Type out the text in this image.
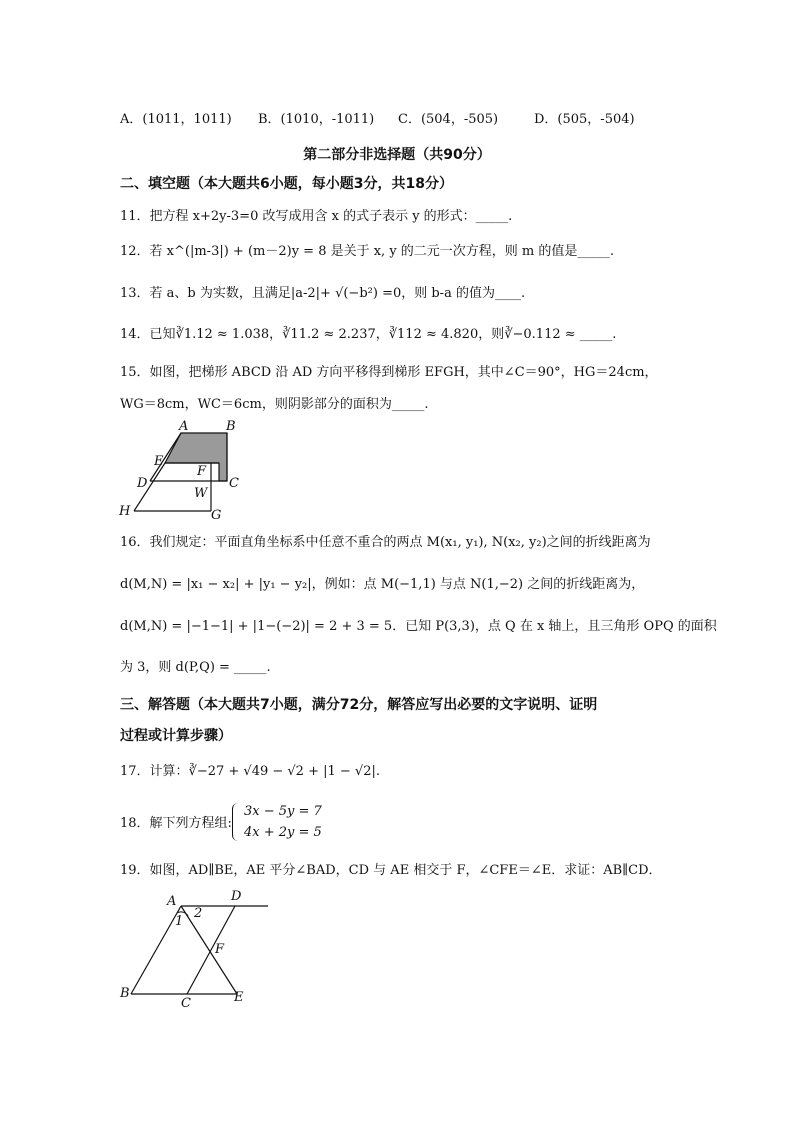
A．(1011，1011) B．(1010，-1011) C．(504，-505)	D．(505，-504)
第二部分非选择题（共90分）
二、填空题（本大题共6小题，每小题3分，共18分）
11．把方程 x+2y-3=0 改写成用含 x 的式子表示 y 的形式：_____.
12．若 x^(|m-3|) + (m－2)y = 8 是关于 x, y 的二元一次方程，则 m 的值是_____.
13．若 a、b 为实数，且满足|a-2|+ √(−b²) =0，则 b-a 的值为____.
14．已知∛1.12 ≈ 1.038，∛11.2 ≈ 2.237，∛112 ≈ 4.820，则∛−0.112 ≈ _____.
15．如图，把梯形 ABCD 沿 AD 方向平移得到梯形 EFGH，其中∠C＝90°，HG＝24cm，
WG＝8cm，WC＝6cm，则阴影部分的面积为_____.
A	B
E
F
D	C
W
H	G
16．我们规定：平面直角坐标系中任意不重合的两点 M(x₁, y₁), N(x₂, y₂)之间的折线距离为
d(M,N) = |x₁ − x₂| + |y₁ − y₂|，例如：点 M(−1,1) 与点 N(1,−2) 之间的折线距离为，
d(M,N) = |−1−1| + |1−(−2)| = 2 + 3 = 5．已知 P(3,3)，点 Q 在 x 轴上，且三角形 OPQ 的面积
为 3，则 d(P,Q) = _____.
三、解答题（本大题共7小题，满分72分，解答应写出必要的文字说明、证明
过程或计算步骤）
17．计算：∛−27 + √49 − √2 + |1 − √2|.
18．解下列方程组:
3x − 5y = 7
4x + 2y = 5
19．如图，AD∥BE，AE 平分∠BAD，CD 与 AE 相交于 F，∠CFE＝∠E．求证：AB∥CD．
A	D
1
2
F
B
C	E
